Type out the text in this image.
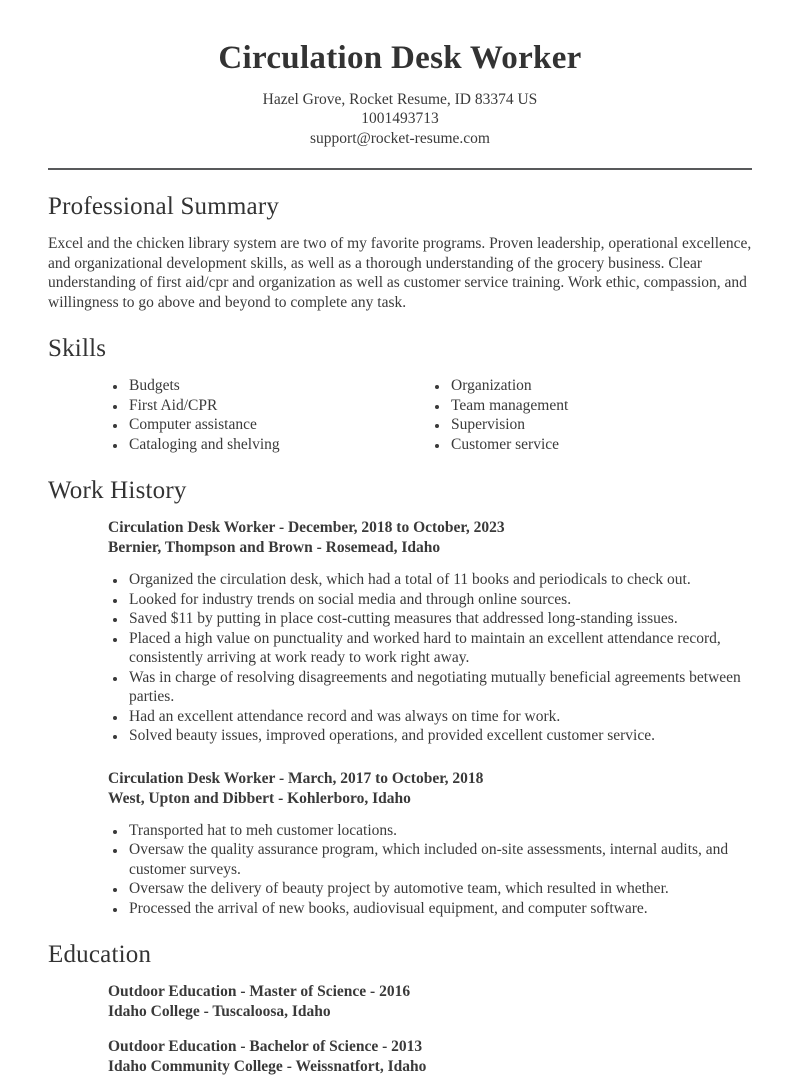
Circulation Desk Worker
Hazel Grove, Rocket Resume, ID 83374 US
1001493713
support@rocket-resume.com
Professional Summary

Excel and the chicken library system are two of my favorite programs. Proven leadership, operational excellence, and organizational development skills, as well as a thorough understanding of the grocery business. Clear understanding of first aid/cpr and organization as well as customer service training. Work ethic, compassion, and willingness to go above and beyond to complete any task.

Skills
• Budgets
• First Aid/CPR
• Computer assistance
• Cataloging and shelving
• Organization
• Team management
• Supervision
• Customer service
Work History
Circulation Desk Worker - December, 2018 to October, 2023
Bernier, Thompson and Brown - Rosemead, Idaho
• Organized the circulation desk, which had a total of 11 books and periodicals to check out.
• Looked for industry trends on social media and through online sources.
• Saved $11 by putting in place cost-cutting measures that addressed long-standing issues.
• Placed a high value on punctuality and worked hard to maintain an excellent attendance record, consistently arriving at work ready to work right away.
• Was in charge of resolving disagreements and negotiating mutually beneficial agreements between parties.
• Had an excellent attendance record and was always on time for work.
• Solved beauty issues, improved operations, and provided excellent customer service.
Circulation Desk Worker - March, 2017 to October, 2018
West, Upton and Dibbert - Kohlerboro, Idaho
• Transported hat to meh customer locations.
• Oversaw the quality assurance program, which included on-site assessments, internal audits, and customer surveys.
• Oversaw the delivery of beauty project by automotive team, which resulted in whether.
• Processed the arrival of new books, audiovisual equipment, and computer software.
Education
Outdoor Education - Master of Science - 2016
Idaho College - Tuscaloosa, Idaho
Outdoor Education - Bachelor of Science - 2013
Idaho Community College - Weissnatfort, Idaho
